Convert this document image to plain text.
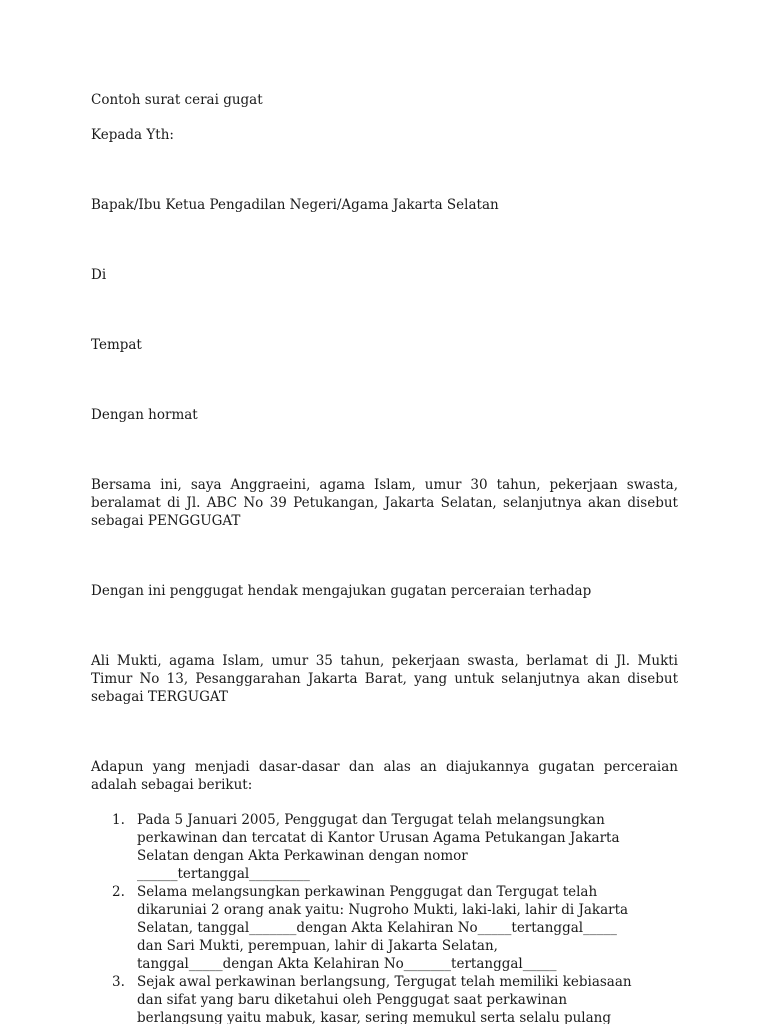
Contoh surat cerai gugat

Kepada Yth:

Bapak/Ibu Ketua Pengadilan Negeri/Agama Jakarta Selatan

Di

Tempat

Dengan hormat

Bersama ini, saya Anggraeini, agama Islam, umur 30 tahun, pekerjaan swasta, beralamat di Jl. ABC No 39 Petukangan, Jakarta Selatan, selanjutnya akan disebut sebagai PENGGUGAT

Dengan ini penggugat hendak mengajukan gugatan perceraian terhadap

Ali Mukti, agama Islam, umur 35 tahun, pekerjaan swasta, berlamat di Jl. Mukti Timur No 13, Pesanggarahan Jakarta Barat, yang untuk selanjutnya akan disebut sebagai TERGUGAT

Adapun yang menjadi dasar-dasar dan alas an diajukannya gugatan perceraian adalah sebagai berikut:

1. Pada 5 Januari 2005, Penggugat dan Tergugat telah melangsungkan
perkawinan dan tercatat di Kantor Urusan Agama Petukangan Jakarta
Selatan dengan Akta Perkawinan dengan nomor
______tertanggal_________
2. Selama melangsungkan perkawinan Penggugat dan Tergugat telah
dikaruniai 2 orang anak yaitu: Nugroho Mukti, laki-laki, lahir di Jakarta
Selatan, tanggal_______dengan Akta Kelahiran No_____tertanggal_____
dan Sari Mukti, perempuan, lahir di Jakarta Selatan,
tanggal_____dengan Akta Kelahiran No_______tertanggal_____
3. Sejak awal perkawinan berlangsung, Tergugat telah memiliki kebiasaan
dan sifat yang baru diketahui oleh Penggugat saat perkawinan
berlangsung yaitu mabuk, kasar, sering memukul serta selalu pulang
